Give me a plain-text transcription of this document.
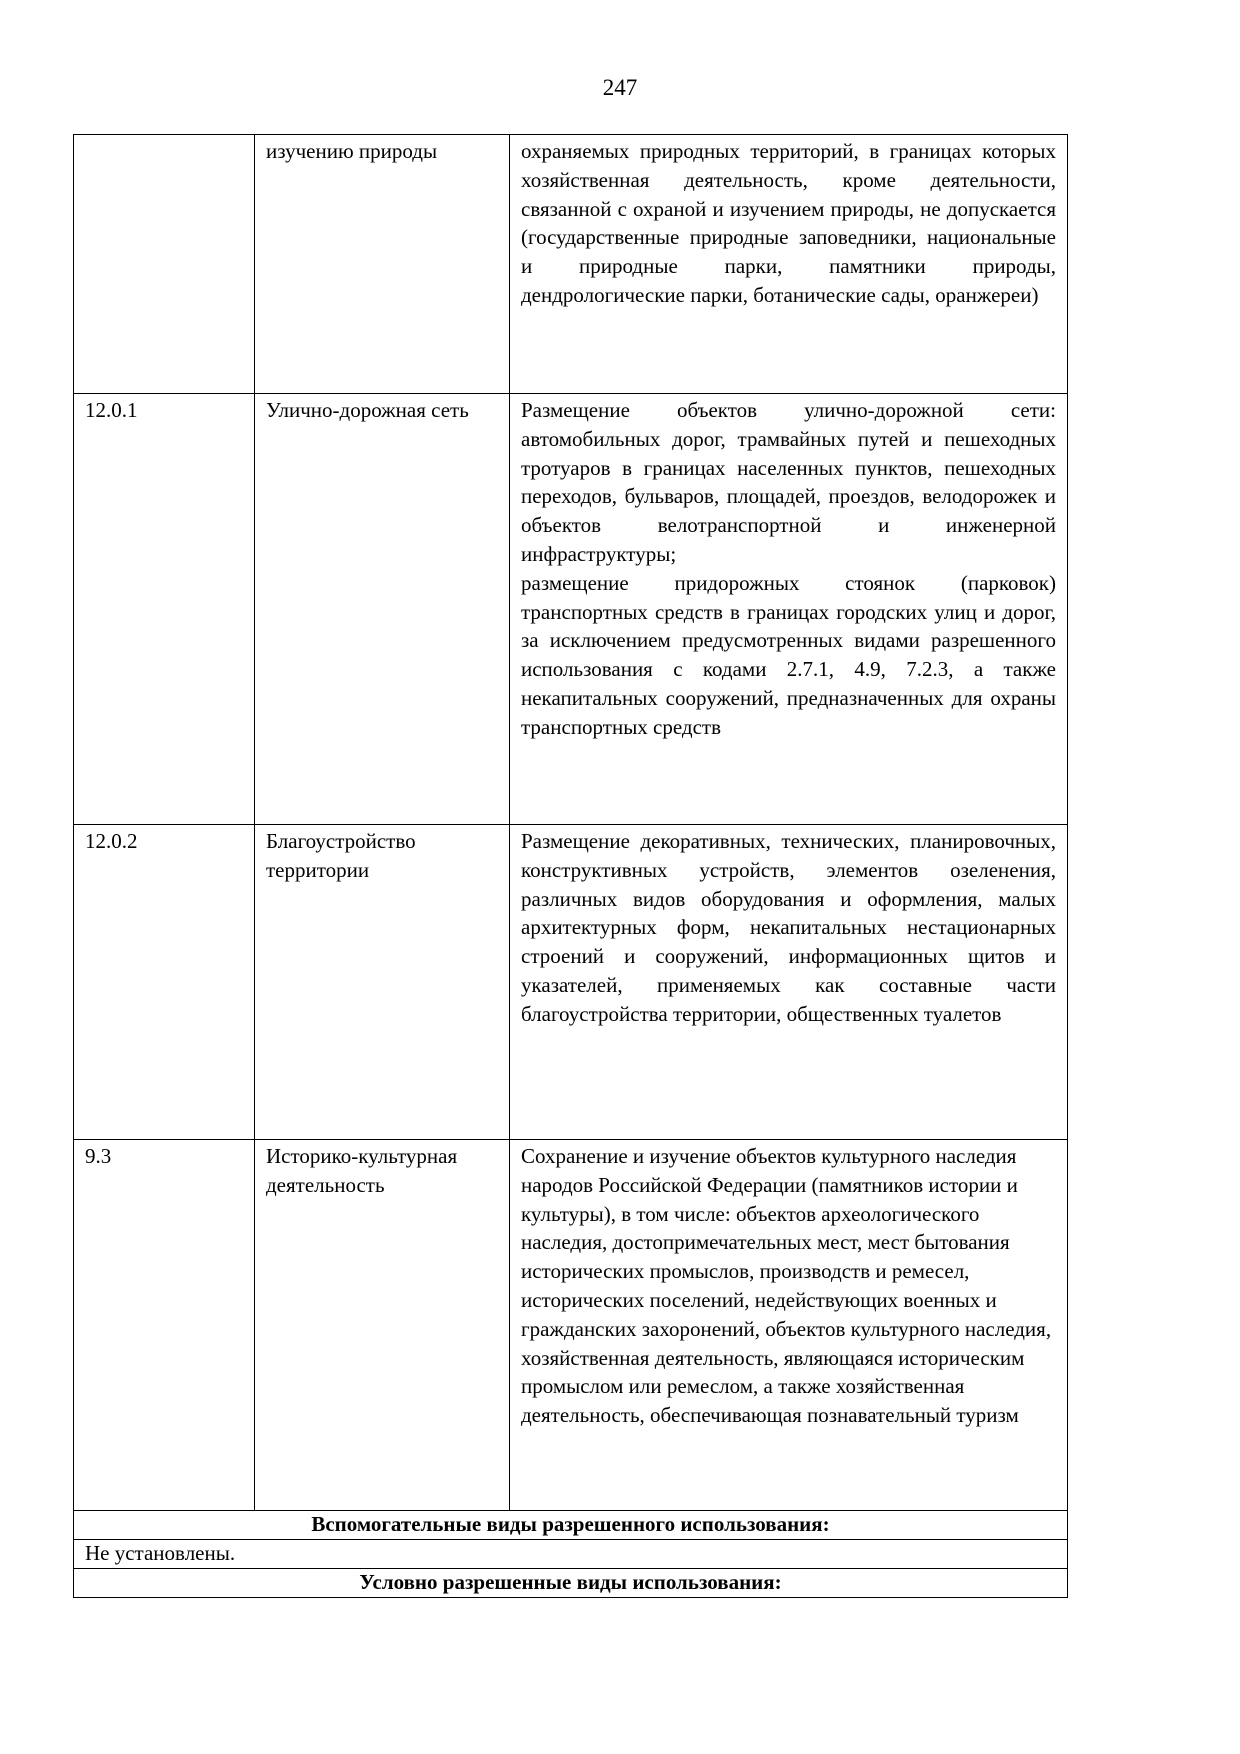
247
	изучению природы	охраняемых природных территорий, в границах которых хозяйственная деятельность, кроме деятельности, связанной с охраной и изучением природы, не допускается (государственные природные заповедники, национальные и природные парки, памятники природы, дендрологические парки, ботанические сады, оранжереи)
12.0.1	Улично-дорожная сеть	Размещение объектов улично-дорожной сети: автомобильных дорог, трамвайных путей и пешеходных тротуаров в границах населенных пунктов, пешеходных переходов, бульваров, площадей, проездов, велодорожек и объектов велотранспортной и инженерной инфраструктуры;
размещение придорожных стоянок (парковок) транспортных средств в границах городских улиц и дорог, за исключением предусмотренных видами разрешенного использования с кодами 2.7.1, 4.9, 7.2.3, а также некапитальных сооружений, предназначенных для охраны транспортных средств
12.0.2	Благоустройство территории	Размещение декоративных, технических, планировочных, конструктивных устройств, элементов озеленения, различных видов оборудования и оформления, малых архитектурных форм, некапитальных нестационарных строений и сооружений, информационных щитов и указателей, применяемых как составные части благоустройства территории, общественных туалетов
9.3	Историко-культурная деятельность	Сохранение и изучение объектов культурного наследия народов Российской Федерации (памятников истории и культуры), в том числе: объектов археологического наследия, достопримечательных мест, мест бытования исторических промыслов, производств и ремесел, исторических поселений, недействующих военных и гражданских захоронений, объектов культурного наследия, хозяйственная деятельность, являющаяся историческим промыслом или ремеслом, а также хозяйственная деятельность, обеспечивающая познавательный туризм
Вспомогательные виды разрешенного использования:		
Не установлены.		
Условно разрешенные виды использования:		
